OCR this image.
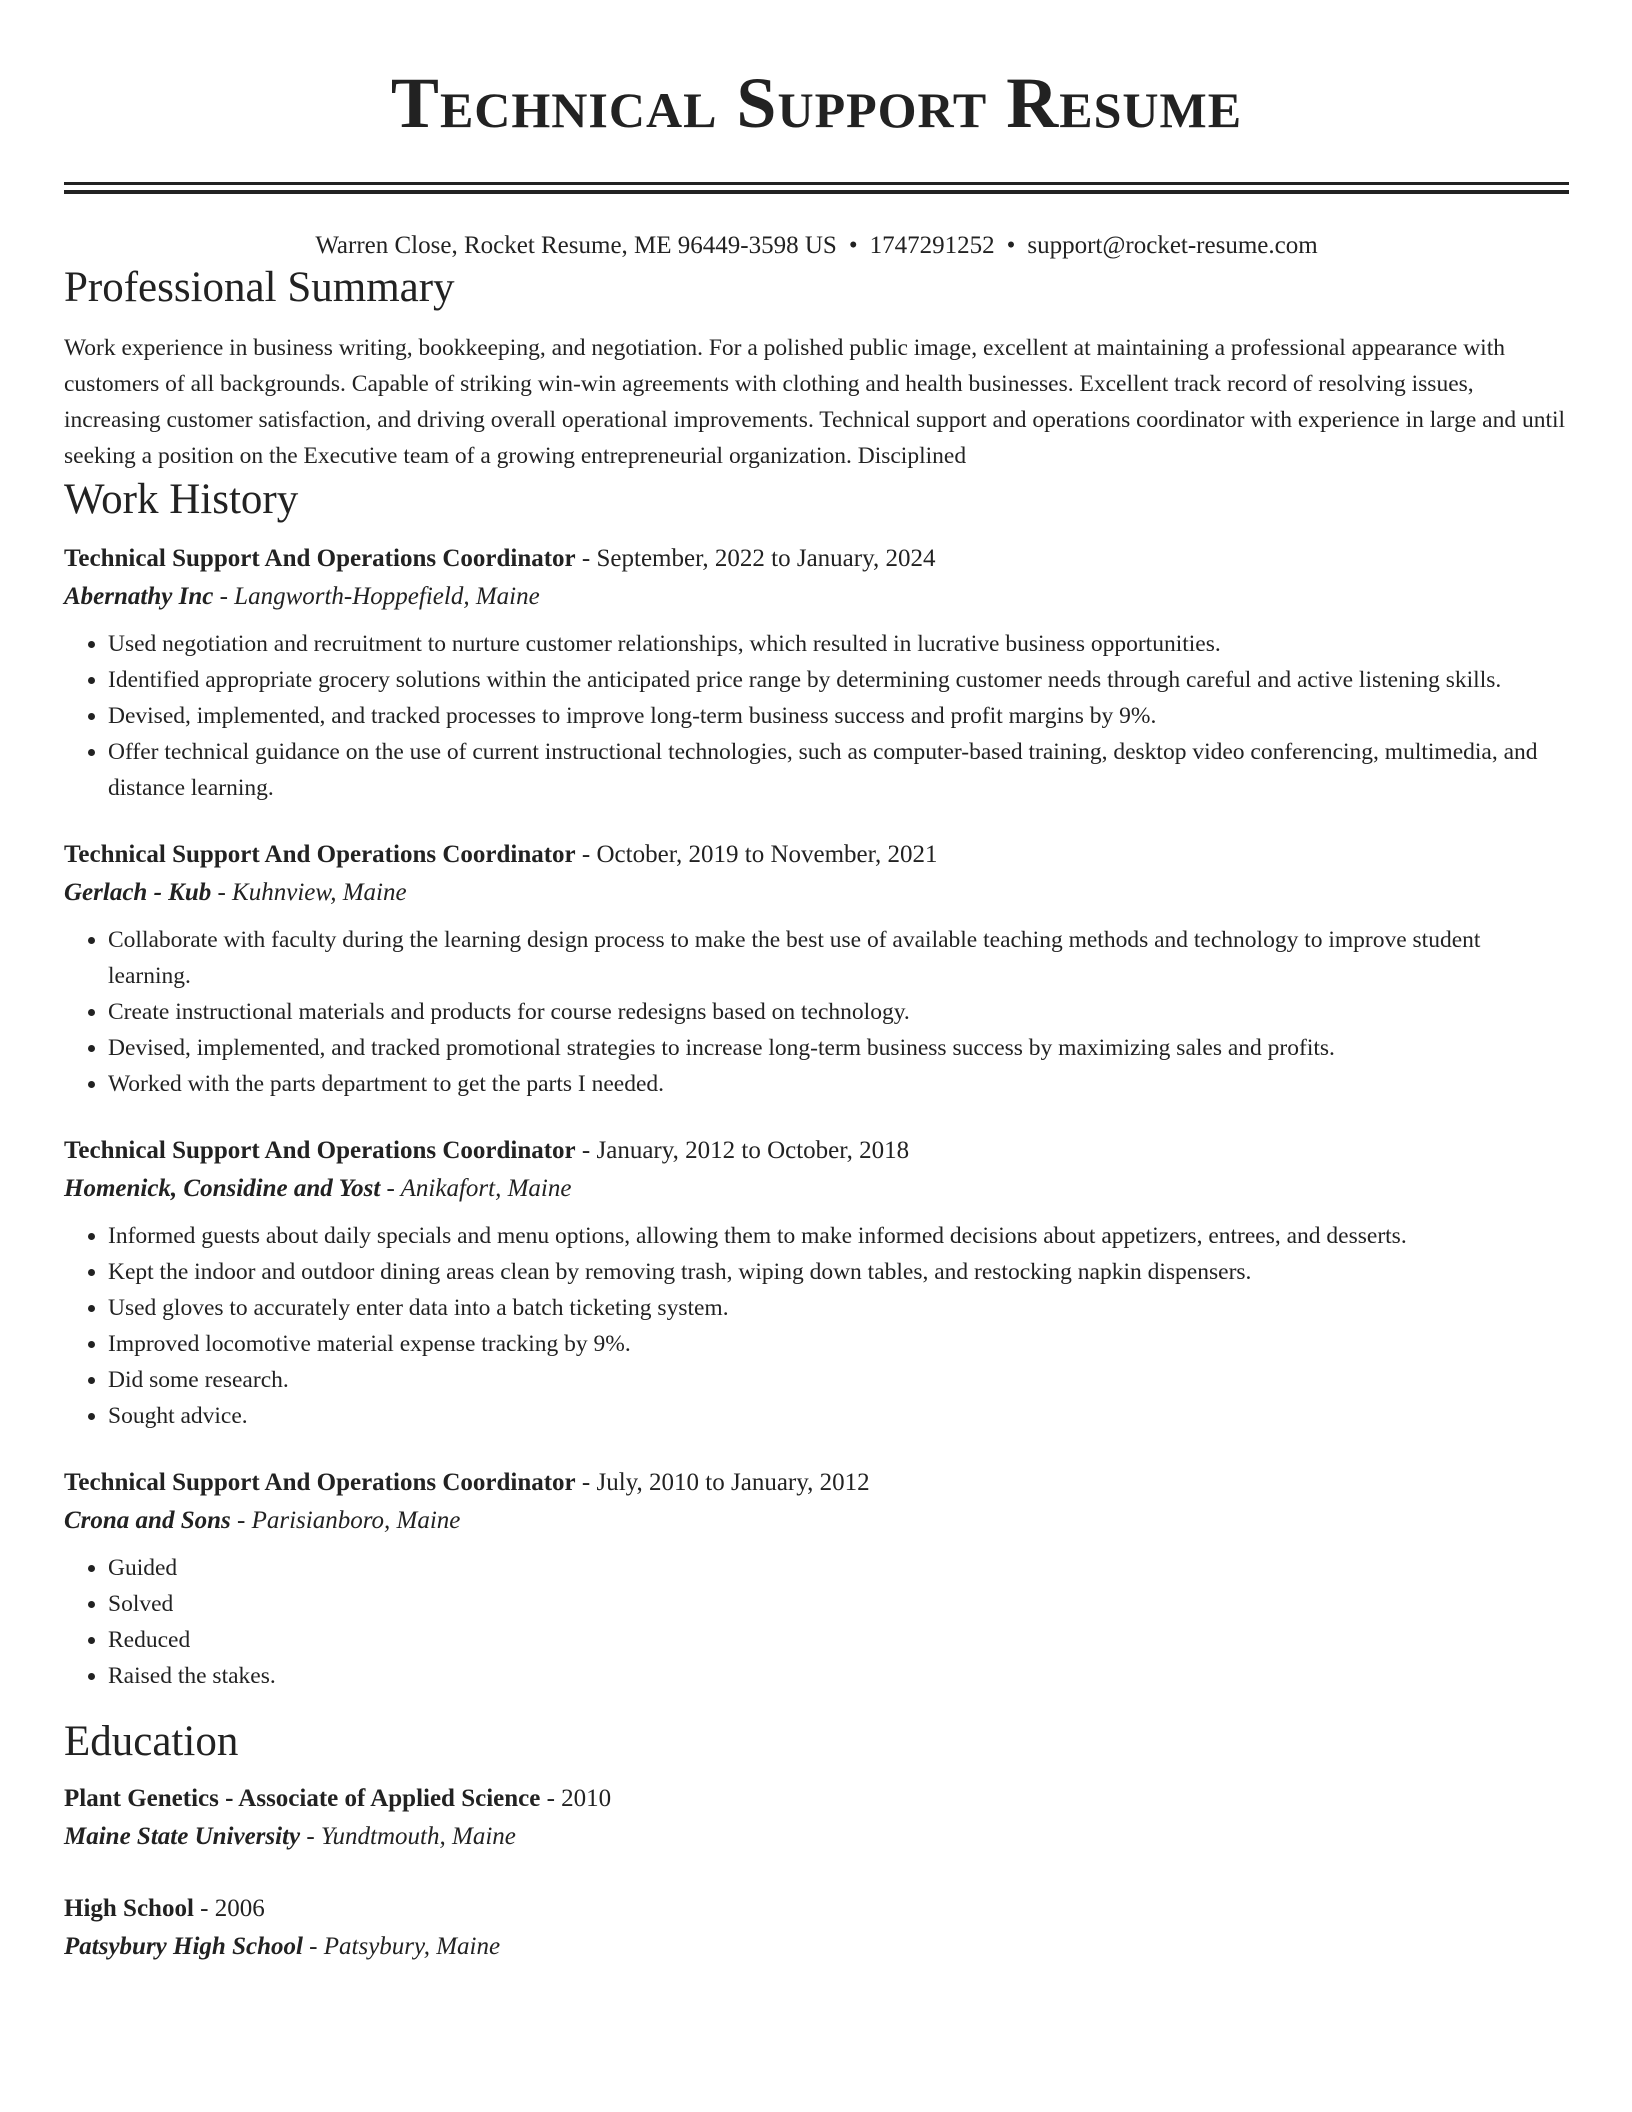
Technical Support Resume
Warren Close, Rocket Resume, ME 96449-3598 US • 1747291252 • support@rocket-resume.com
Professional Summary
Work experience in business writing, bookkeeping, and negotiation. For a polished public image, excellent at maintaining a professional appearance with customers of all backgrounds. Capable of striking win-win agreements with clothing and health businesses. Excellent track record of resolving issues, increasing customer satisfaction, and driving overall operational improvements. Technical support and operations coordinator with experience in large and until seeking a position on the Executive team of a growing entrepreneurial organization. Disciplined
Work History
Technical Support And Operations Coordinator - September, 2022 to January, 2024
Abernathy Inc - Langworth-Hoppefield, Maine
• Used negotiation and recruitment to nurture customer relationships, which resulted in lucrative business opportunities.
• Identified appropriate grocery solutions within the anticipated price range by determining customer needs through careful and active listening skills.
• Devised, implemented, and tracked processes to improve long-term business success and profit margins by 9%.
• Offer technical guidance on the use of current instructional technologies, such as computer-based training, desktop video conferencing, multimedia, and distance learning.
Technical Support And Operations Coordinator - October, 2019 to November, 2021
Gerlach - Kub - Kuhnview, Maine
• Collaborate with faculty during the learning design process to make the best use of available teaching methods and technology to improve student learning.
• Create instructional materials and products for course redesigns based on technology.
• Devised, implemented, and tracked promotional strategies to increase long-term business success by maximizing sales and profits.
• Worked with the parts department to get the parts I needed.
Technical Support And Operations Coordinator - January, 2012 to October, 2018
Homenick, Considine and Yost - Anikafort, Maine
• Informed guests about daily specials and menu options, allowing them to make informed decisions about appetizers, entrees, and desserts.
• Kept the indoor and outdoor dining areas clean by removing trash, wiping down tables, and restocking napkin dispensers.
• Used gloves to accurately enter data into a batch ticketing system.
• Improved locomotive material expense tracking by 9%.
• Did some research.
• Sought advice.
Technical Support And Operations Coordinator - July, 2010 to January, 2012
Crona and Sons - Parisianboro, Maine
• Guided
• Solved
• Reduced
• Raised the stakes.
Education
Plant Genetics - Associate of Applied Science - 2010
Maine State University - Yundtmouth, Maine
High School - 2006
Patsybury High School - Patsybury, Maine
